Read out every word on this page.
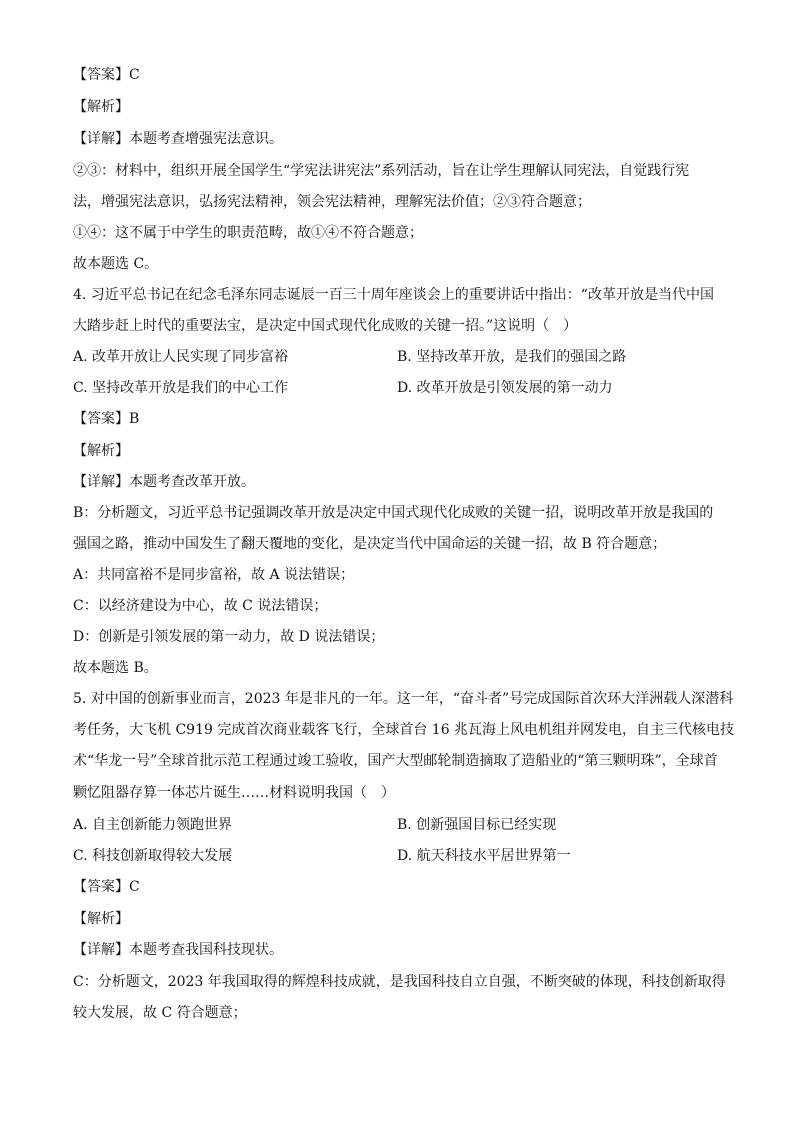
【答案】C
【解析】
【详解】本题考查增强宪法意识。
②③：材料中，组织开展全国学生“学宪法讲宪法”系列活动，旨在让学生理解认同宪法，自觉践行宪
法，增强宪法意识，弘扬宪法精神，领会宪法精神，理解宪法价值；②③符合题意；
①④：这不属于中学生的职责范畴，故①④不符合题意；
故本题选 C。
4. 习近平总书记在纪念毛泽东同志诞辰一百三十周年座谈会上的重要讲话中指出：“改革开放是当代中国
大踏步赶上时代的重要法宝，是决定中国式现代化成败的关键一招。”这说明（　）
A. 改革开放让人民实现了同步富裕	B. 坚持改革开放，是我们的强国之路
C. 坚持改革开放是我们的中心工作	D. 改革开放是引领发展的第一动力
【答案】B
【解析】
【详解】本题考查改革开放。
B：分析题文，习近平总书记强调改革开放是决定中国式现代化成败的关键一招，说明改革开放是我国的
强国之路，推动中国发生了翻天覆地的变化，是决定当代中国命运的关键一招，故 B 符合题意；
A：共同富裕不是同步富裕，故 A 说法错误；
C：以经济建设为中心，故 C 说法错误；
D：创新是引领发展的第一动力，故 D 说法错误；
故本题选 B。
5. 对中国的创新事业而言，2023 年是非凡的一年。这一年，“奋斗者”号完成国际首次环大洋洲载人深潜科
考任务，大飞机 C919 完成首次商业载客飞行，全球首台 16 兆瓦海上风电机组并网发电，自主三代核电技
术“华龙一号”全球首批示范工程通过竣工验收，国产大型邮轮制造摘取了造船业的“第三颗明珠”，全球首
颗忆阻器存算一体芯片诞生……材料说明我国（　）
A. 自主创新能力领跑世界	B. 创新强国目标已经实现
C. 科技创新取得较大发展	D. 航天科技水平居世界第一
【答案】C
【解析】
【详解】本题考查我国科技现状。
C：分析题文，2023 年我国取得的辉煌科技成就，是我国科技自立自强，不断突破的体现，科技创新取得
较大发展，故 C 符合题意；
